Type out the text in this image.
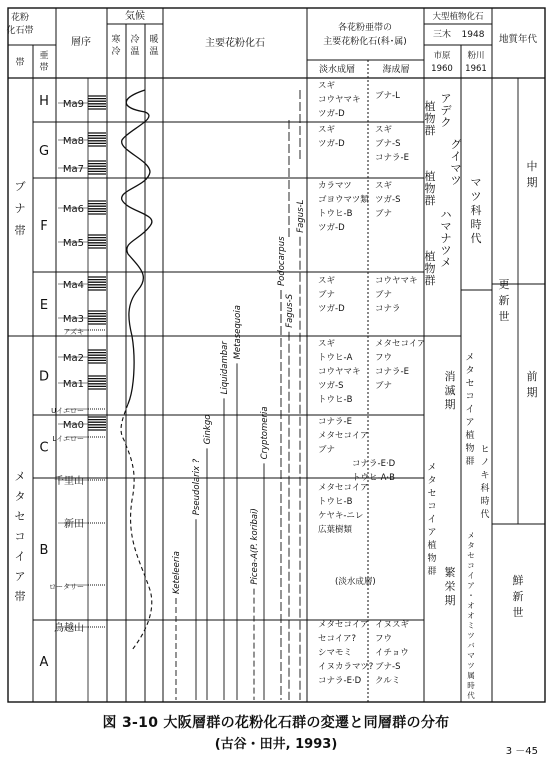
花粉
化石帯
帯
亜
帯
層序
気候
寒
冷
冷
温
暖
温
主要花粉化石
各花粉亜帯の
主要花粉化石(科･属)
淡水成層	海成層
大型植物化石
三木 1948
市原
1960
粉川
1961
地質年代
ブ
ナ
帯
メ
タ
セ
コ
イ
ア
帯
H
G
F
E
D
C
B
A
Ma9
Ma8
Ma7
Ma6
Ma5
Ma4
Ma3
アズキ
Ma2
Ma1
Uイエロー
Ma0
Lイエロー
千里山
新田
ロータリー
鳥越山
Keteleeria
Pseudolarix ?
Ginkgo
Liquidambar
Metasequoia
Picea-A(P. koribai)
Cryptomeria
Podocarpus
Fagus-S
Fagus-L
スギ
コウヤマキ
ツガ-D
ブナ-L
スギ
ツガ-D
スギ
ブナ-S
コナラ-E
カラマツ
ゴヨウマツ類
トウヒ-B
ツガ-D
スギ
ツガ-S
ブナ
スギ
ブナ
ツガ-D
コウヤマキ
ブナ
コナラ
スギ
トウヒ-A
コウヤマキ
ツガ-S
トウヒ-B
メタセコイア
フウ
コナラ-E
ブナ
コナラ-E
メタセコイア
ブナ
コナラ-E·D
トウヒ-A·B
メタセコイア
トウヒ-B
ケヤキ-ニレ
広葉樹類
(淡水成層)
メタセコイア
セコイア?
シマモミ
イヌカラマツ?
コナラ-E·D
イヌスギ
フウ
イチョウ
ブナ-S
クルミ
植
物
群
植
物
群
植
物
群
ア
デ
ク
グ
イ
マ
ツ
ハ
マ
ナ
ツ
メ
マ
ツ
科
時
代
消
滅
期
繁
栄
期
メ
タ
セ
コ
イ
ア
植
物
群
メ
タ
セ
コ
イ
ア
植
物
群
ヒ
ノ
キ
科
時
代
メ
タ
セ
コ
イ
ア
・
オ
オ
ミ
ツ
バ
マ
ツ
属
時
代
中
期
更
新
世
前
期
鮮
新
世
図 3-10 大阪層群の花粉化石群の変遷と同層群の分布
(古谷・田井, 1993)	3 －45
